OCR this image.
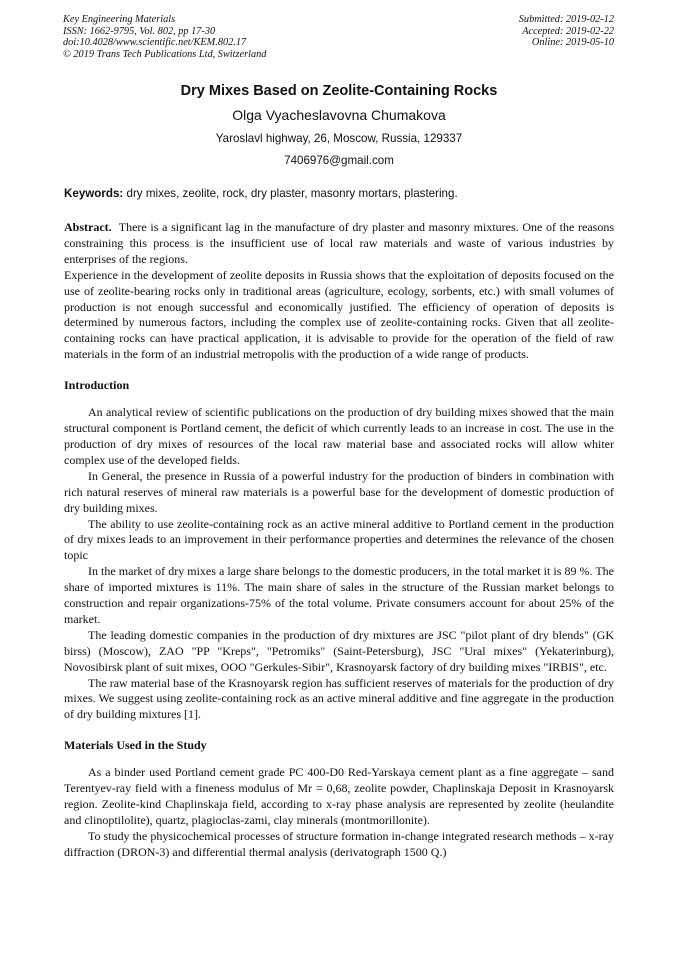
Key Engineering Materials
ISSN: 1662-9795, Vol. 802, pp 17-30
doi:10.4028/www.scientific.net/KEM.802.17
© 2019 Trans Tech Publications Ltd, Switzerland
Submitted: 2019-02-12
Accepted: 2019-02-22
Online: 2019-05-10
Dry Mixes Based on Zeolite-Containing Rocks
Olga Vyacheslavovna Chumakova
Yaroslavl highway, 26, Moscow, Russia, 129337
7406976@gmail.com
Keywords: dry mixes, zeolite, rock, dry plaster, masonry mortars, plastering.

Abstract.  There is a significant lag in the manufacture of dry plaster and masonry mixtures. One of the reasons constraining this process is the insufficient use of local raw materials and waste of various industries by enterprises of the regions.

Experience in the development of zeolite deposits in Russia shows that the exploitation of deposits focused on the use of zeolite-bearing rocks only in traditional areas (agriculture, ecology, sorbents, etc.) with small volumes of production is not enough successful and economically justified. The efficiency of operation of deposits is determined by numerous factors, including the complex use of zeolite-containing rocks. Given that all zeolite-containing rocks can have practical application, it is advisable to provide for the operation of the field of raw materials in the form of an industrial metropolis with the production of a wide range of products.

Introduction

An analytical review of scientific publications on the production of dry building mixes showed that the main structural component is Portland cement, the deficit of which currently leads to an increase in cost. The use in the production of dry mixes of resources of the local raw material base and associated rocks will allow whiter complex use of the developed fields.

In General, the presence in Russia of a powerful industry for the production of binders in combination with rich natural reserves of mineral raw materials is a powerful base for the development of domestic production of dry building mixes.

The ability to use zeolite-containing rock as an active mineral additive to Portland cement in the production of dry mixes leads to an improvement in their performance properties and determines the relevance of the chosen topic

In the market of dry mixes a large share belongs to the domestic producers, in the total market it is 89 %. The share of imported mixtures is 11%. The main share of sales in the structure of the Russian market belongs to construction and repair organizations-75% of the total volume. Private consumers account for about 25% of the market.

The leading domestic companies in the production of dry mixtures are JSC "pilot plant of dry blends" (GK birss) (Moscow), ZAO "PP "Kreps", "Petromiks" (Saint-Petersburg), JSC "Ural mixes" (Yekaterinburg), Novosibirsk plant of suit mixes, OOO "Gerkules-Sibir", Krasnoyarsk factory of dry building mixes "IRBIS", etc.

The raw material base of the Krasnoyarsk region has sufficient reserves of materials for the production of dry mixes. We suggest using zeolite-containing rock as an active mineral additive and fine aggregate in the production of dry building mixtures [1].

Materials Used in the Study

As a binder used Portland cement grade PC 400-D0 Red-Yarskaya cement plant as a fine aggregate – sand Terentyev-ray field with a fineness modulus of Mr = 0,68, zeolite powder, Chaplinskaja Deposit in Krasnoyarsk region. Zeolite-kind Chaplinskaja field, according to x-ray phase analysis are represented by zeolite (heulandite and clinoptilolite), quartz, plagioclas-zami, clay minerals (montmorillonite).

To study the physicochemical processes of structure formation in-change integrated research methods – x-ray diffraction (DRON-3) and differential thermal analysis (derivatograph 1500 Q.)
